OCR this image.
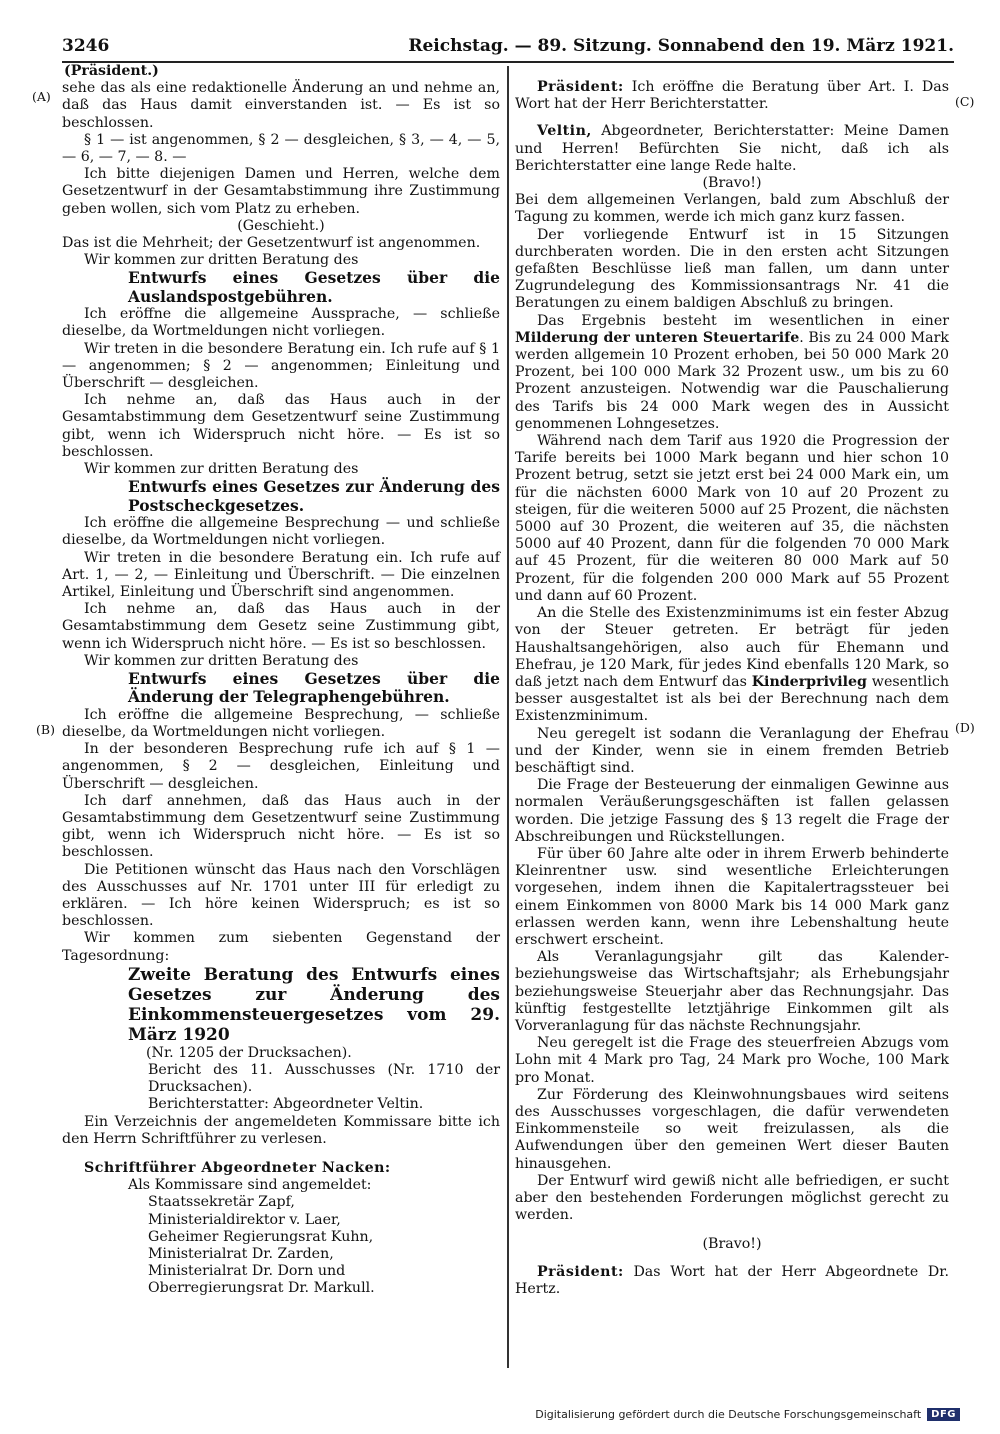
3246	Reichstag. — 89. Sitzung. Sonnabend den 19. März 1921.
(A)
(B)
(C)
(D)

(Präsident.)

sehe das als eine redaktionelle Änderung an und nehme an, daß das Haus damit einverstanden ist. — Es ist so beschlossen.

§ 1 — ist angenommen, § 2 — desgleichen, § 3, — 4, — 5, — 6, — 7, — 8. —

Ich bitte diejenigen Damen und Herren, welche dem Gesetzentwurf in der Gesamtabstimmung ihre Zustimmung geben wollen, sich vom Platz zu erheben.

(Geschieht.)

Das ist die Mehrheit; der Gesetzentwurf ist angenommen.

Wir kommen zur dritten Beratung des

Entwurfs eines Gesetzes über die Auslandspostgebühren.

Ich eröffne die allgemeine Aussprache, — schließe dieselbe, da Wortmeldungen nicht vorliegen.

Wir treten in die besondere Beratung ein. Ich rufe auf § 1 — angenommen; § 2 — angenommen; Einleitung und Überschrift — desgleichen.

Ich nehme an, daß das Haus auch in der Gesamtabstimmung dem Gesetzentwurf seine Zustimmung gibt, wenn ich Widerspruch nicht höre. — Es ist so beschlossen.

Wir kommen zur dritten Beratung des

Entwurfs eines Gesetzes zur Änderung des Postscheckgesetzes.

Ich eröffne die allgemeine Besprechung — und schließe dieselbe, da Wortmeldungen nicht vorliegen.

Wir treten in die besondere Beratung ein. Ich rufe auf Art. 1, — 2, — Einleitung und Überschrift. — Die einzelnen Artikel, Einleitung und Überschrift sind angenommen.

Ich nehme an, daß das Haus auch in der Gesamtabstimmung dem Gesetz seine Zustimmung gibt, wenn ich Widerspruch nicht höre. — Es ist so beschlossen.

Wir kommen zur dritten Beratung des

Entwurfs eines Gesetzes über die Änderung der Telegraphengebühren.

Ich eröffne die allgemeine Besprechung, — schließe dieselbe, da Wortmeldungen nicht vorliegen.

In der besonderen Besprechung rufe ich auf § 1 — angenommen, § 2 — desgleichen, Einleitung und Überschrift — desgleichen.

Ich darf annehmen, daß das Haus auch in der Gesamtabstimmung dem Gesetzentwurf seine Zustimmung gibt, wenn ich Widerspruch nicht höre. — Es ist so beschlossen.

Die Petitionen wünscht das Haus nach den Vorschlägen des Ausschusses auf Nr. 1701 unter III für erledigt zu erklären. — Ich höre keinen Widerspruch; es ist so beschlossen.

Wir kommen zum siebenten Gegenstand der Tagesordnung:

Zweite Beratung des Entwurfs eines Gesetzes zur Änderung des Einkommensteuergesetzes vom 29. März 1920

(Nr. 1205 der Drucksachen).

Bericht des 11. Ausschusses (Nr. 1710 der Drucksachen).

Berichterstatter: Abgeordneter Veltin.

Ein Verzeichnis der angemeldeten Kommissare bitte ich den Herrn Schriftführer zu verlesen.

Schriftführer Abgeordneter Nacken:

Als Kommissare sind angemeldet:

Staatssekretär Zapf,

Ministerialdirektor v. Laer,

Geheimer Regierungsrat Kuhn,

Ministerialrat Dr. Zarden,

Ministerialrat Dr. Dorn und

Oberregierungsrat Dr. Markull.

Präsident: Ich eröffne die Beratung über Art. I. Das Wort hat der Herr Berichterstatter.

Veltin, Abgeordneter, Berichterstatter: Meine Damen und Herren! Befürchten Sie nicht, daß ich als Berichterstatter eine lange Rede halte.

(Bravo!)

Bei dem allgemeinen Verlangen, bald zum Abschluß der Tagung zu kommen, werde ich mich ganz kurz fassen.

Der vorliegende Entwurf ist in 15 Sitzungen durchberaten worden. Die in den ersten acht Sitzungen gefaßten Beschlüsse ließ man fallen, um dann unter Zugrundelegung des Kommissionsantrags Nr. 41 die Beratungen zu einem baldigen Abschluß zu bringen.

Das Ergebnis besteht im wesentlichen in einer Milderung der unteren Steuertarife. Bis zu 24 000 Mark werden allgemein 10 Prozent erhoben, bei 50 000 Mark 20 Prozent, bei 100 000 Mark 32 Prozent usw., um bis zu 60 Prozent anzusteigen. Notwendig war die Pauschalierung des Tarifs bis 24 000 Mark wegen des in Aussicht genommenen Lohngesetzes.

Während nach dem Tarif aus 1920 die Progression der Tarife bereits bei 1000 Mark begann und hier schon 10 Prozent betrug, setzt sie jetzt erst bei 24 000 Mark ein, um für die nächsten 6000 Mark von 10 auf 20 Prozent zu steigen, für die weiteren 5000 auf 25 Prozent, die nächsten 5000 auf 30 Prozent, die weiteren auf 35, die nächsten 5000 auf 40 Prozent, dann für die folgenden 70 000 Mark auf 45 Prozent, für die weiteren 80 000 Mark auf 50 Prozent, für die folgenden 200 000 Mark auf 55 Prozent und dann auf 60 Prozent.

An die Stelle des Existenzminimums ist ein fester Abzug von der Steuer getreten. Er beträgt für jeden Haushaltsangehörigen, also auch für Ehemann und Ehefrau, je 120 Mark, für jedes Kind ebenfalls 120 Mark, so daß jetzt nach dem Entwurf das Kinderprivileg wesentlich besser ausgestaltet ist als bei der Berechnung nach dem Existenzminimum.

Neu geregelt ist sodann die Veranlagung der Ehefrau und der Kinder, wenn sie in einem fremden Betrieb beschäftigt sind.

Die Frage der Besteuerung der einmaligen Gewinne aus normalen Veräußerungsgeschäften ist fallen gelassen worden. Die jetzige Fassung des § 13 regelt die Frage der Abschreibungen und Rückstellungen.

Für über 60 Jahre alte oder in ihrem Erwerb behinderte Kleinrentner usw. sind wesentliche Erleichterungen vorgesehen, indem ihnen die Kapitalertragssteuer bei einem Einkommen von 8000 Mark bis 14 000 Mark ganz erlassen werden kann, wenn ihre Lebenshaltung heute erschwert erscheint.

Als Veranlagungsjahr gilt das Kalender- beziehungsweise das Wirtschaftsjahr; als Erhebungsjahr beziehungsweise Steuerjahr aber das Rechnungsjahr. Das künftig festgestellte letztjährige Einkommen gilt als Vorveranlagung für das nächste Rechnungsjahr.

Neu geregelt ist die Frage des steuerfreien Abzugs vom Lohn mit 4 Mark pro Tag, 24 Mark pro Woche, 100 Mark pro Monat.

Zur Förderung des Kleinwohnungsbaues wird seitens des Ausschusses vorgeschlagen, die dafür verwendeten Einkommensteile so weit freizulassen, als die Aufwendungen über den gemeinen Wert dieser Bauten hinausgehen.

Der Entwurf wird gewiß nicht alle befriedigen, er sucht aber den bestehenden Forderungen möglichst gerecht zu werden.

(Bravo!)

Präsident: Das Wort hat der Herr Abgeordnete Dr. Hertz.

Digitalisierung gefördert durch die Deutsche Forschungsgemeinschaft	DFG
